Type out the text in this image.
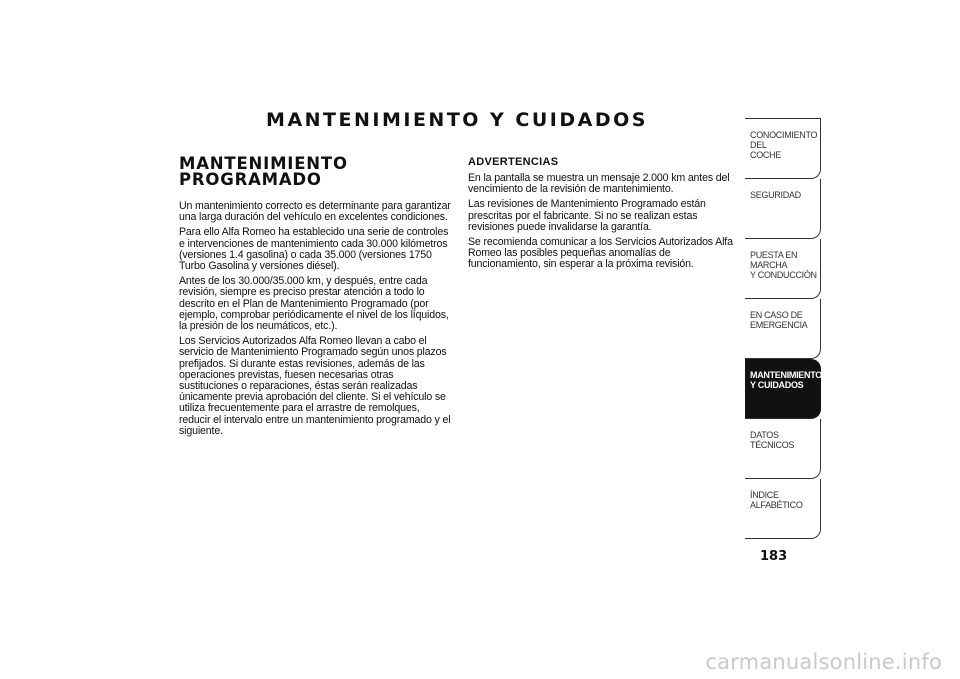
MANTENIMIENTO Y CUIDADOS
MANTENIMIENTO
PROGRAMADO

Un mantenimiento correcto es determinante para garantizar una larga duración del vehículo en excelentes condiciones.

Para ello Alfa Romeo ha establecido una serie de controles e intervenciones de mantenimiento cada 30.000 kilómetros (versiones 1.4 gasolina) o cada 35.000 (versiones 1750 Turbo Gasolina y versiones diésel).

Antes de los 30.000/35.000 km, y después, entre cada revisión, siempre es preciso prestar atención a todo lo descrito en el Plan de Mantenimiento Programado (por ejemplo, comprobar periódicamente el nivel de los líquidos, la presión de los neumáticos, etc.).

Los Servicios Autorizados Alfa Romeo llevan a cabo el servicio de Mantenimiento Programado según unos plazos prefijados. Si durante estas revisiones, además de las operaciones previstas, fuesen necesarias otras sustituciones o reparaciones, éstas serán realizadas únicamente previa aprobación del cliente. Si el vehículo se utiliza frecuentemente para el arrastre de remolques, reducir el intervalo entre un mantenimiento programado y el siguiente.

ADVERTENCIAS

En la pantalla se muestra un mensaje 2.000 km antes del vencimiento de la revisión de mantenimiento.

Las revisiones de Mantenimiento Programado están prescritas por el fabricante. Si no se realizan estas revisiones puede invalidarse la garantía.

Se recomienda comunicar a los Servicios Autorizados Alfa Romeo las posibles pequeñas anomalías de funcionamiento, sin esperar a la próxima revisión.

CONOCIMIENTO DEL
COCHE
SEGURIDAD
PUESTA EN MARCHA
Y CONDUCCIÓN
EN CASO DE
EMERGENCIA
MANTENIMIENTO
Y CUIDADOS
DATOS TÉCNICOS
ÍNDICE ALFABÉTICO
183
carmanualsonline.info
